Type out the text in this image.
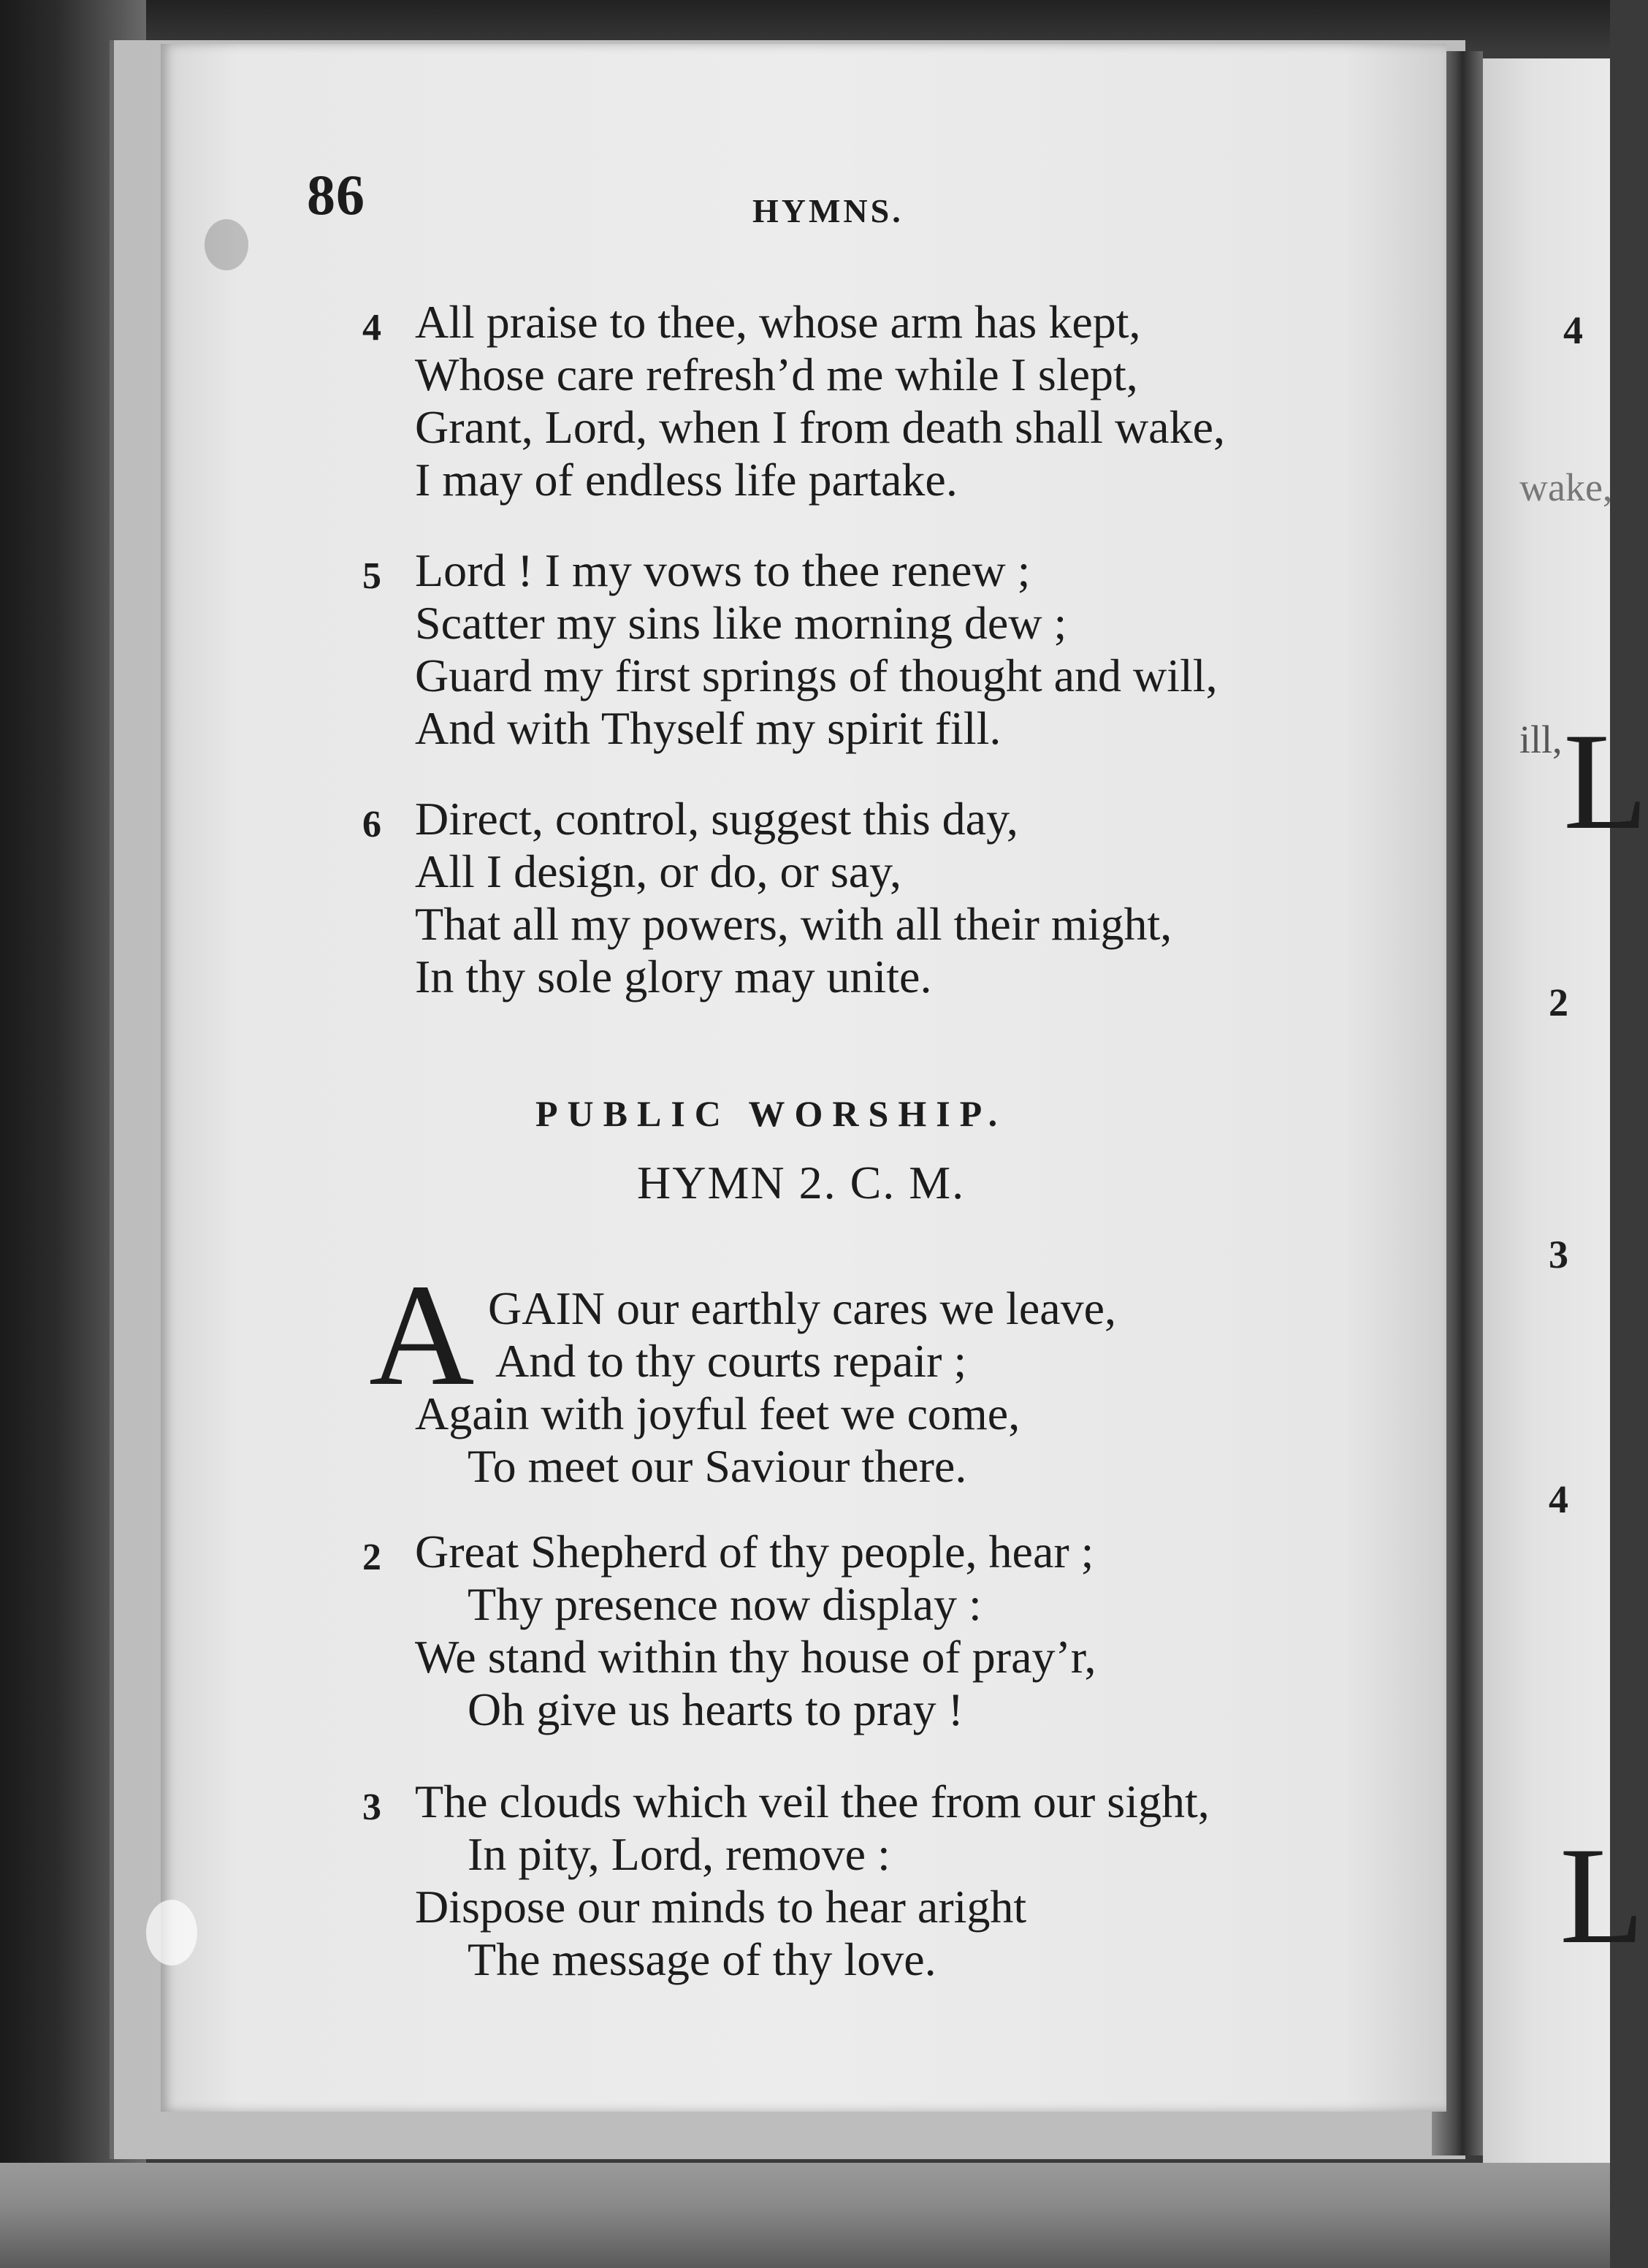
4
wake,
ill, L
2
3
4
L
86	HYMNS.
4 All praise to thee, whose arm has kept,
Whose care refresh’d me while I slept,
Grant, Lord, when I from death shall wake,
I may of endless life partake.
5 Lord ! I my vows to thee renew ;
Scatter my sins like morning dew ;
Guard my first springs of thought and will,
And with Thyself my spirit fill.
6 Direct, control, suggest this day,
All I design, or do, or say,
That all my powers, with all their might,
In thy sole glory may unite.
PUBLIC WORSHIP.
HYMN 2. C. M.
A GAIN our earthly cares we leave,
And to thy courts repair ;
Again with joyful feet we come,
To meet our Saviour there.
2 Great Shepherd of thy people, hear ;
Thy presence now display :
We stand within thy house of pray’r,
Oh give us hearts to pray !
3 The clouds which veil thee from our sight,
In pity, Lord, remove :
Dispose our minds to hear aright
The message of thy love.
